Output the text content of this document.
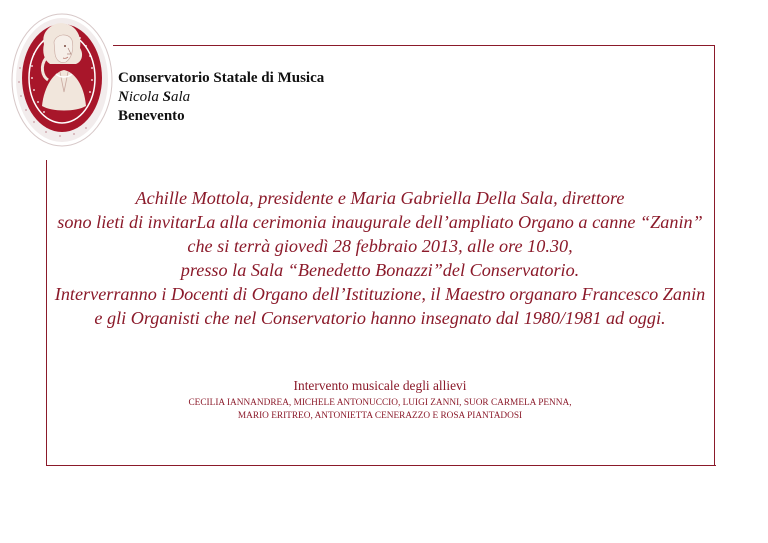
Conservatorio Statale di Musica
Nicola Sala
Benevento
Achille Mottola, presidente e Maria Gabriella Della Sala, direttore
sono lieti di invitarLa alla cerimonia inaugurale dell’ampliato Organo a canne “Zanin”
che si terrà giovedì 28 febbraio 2013, alle ore 10.30,
presso la Sala “Benedetto Bonazzi”del Conservatorio.
Interverranno i Docenti di Organo dell’Istituzione, il Maestro organaro Francesco Zanin
e gli Organisti che nel Conservatorio hanno insegnato dal 1980/1981 ad oggi.
Intervento musicale degli allievi
CECILIA IANNANDREA, MICHELE ANTONUCCIO, LUIGI ZANNI, SUOR CARMELA PENNA,
MARIO ERITREO, ANTONIETTA CENERAZZO E ROSA PIANTADOSI
